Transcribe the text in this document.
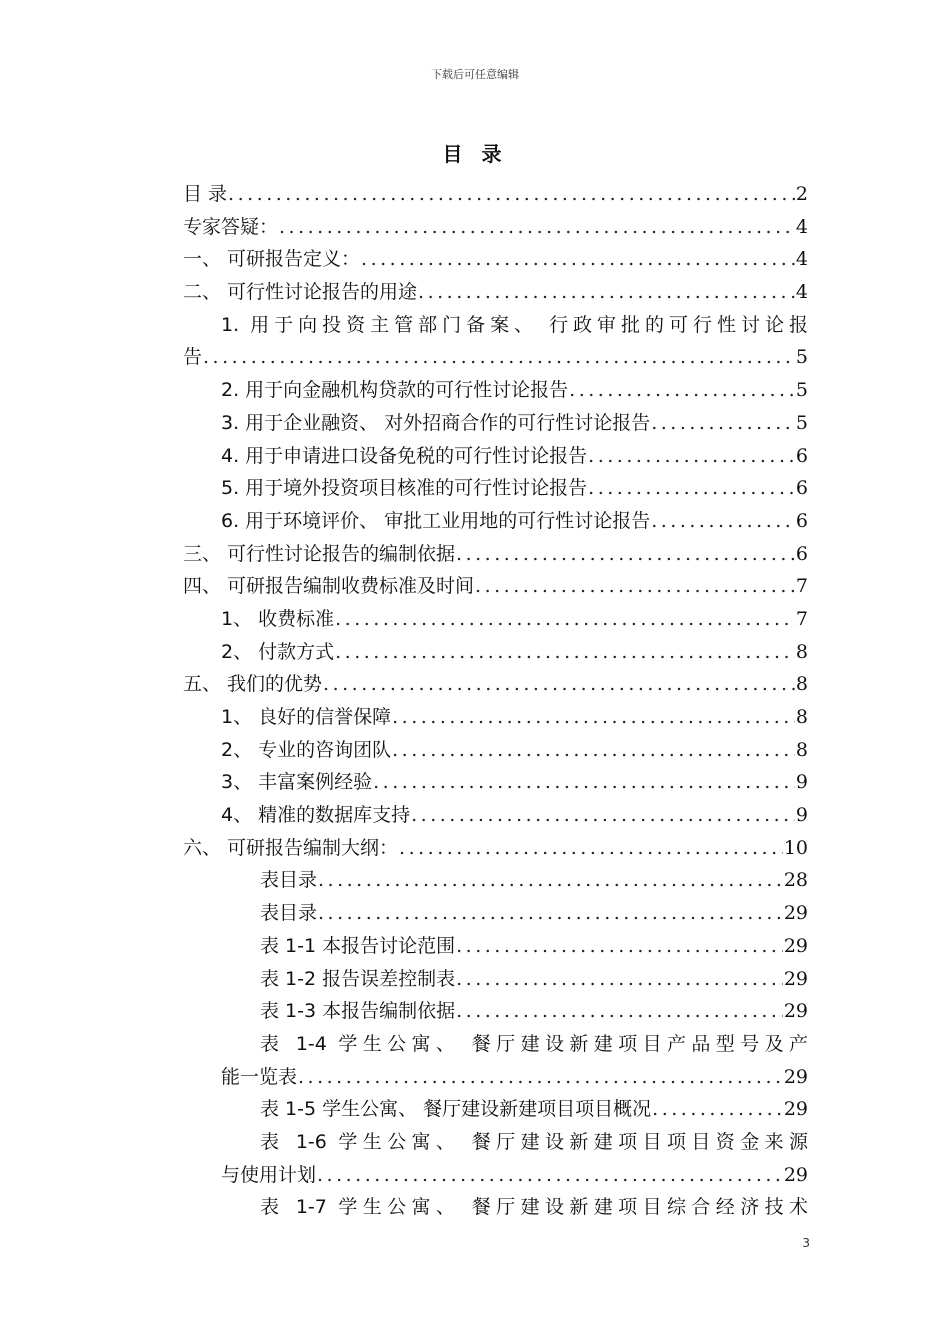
下载后可任意编辑
目 录
目 录 .....	2
专家答疑： .....	4
一、 可研报告定义： .....	4
二、 可行性讨论报告的用途 .....	4
1. 用于向投资主管部门备案、 行政审批的可行性讨论报
告 .....	5
2. 用于向金融机构贷款的可行性讨论报告 .....	5
3. 用于企业融资、 对外招商合作的可行性讨论报告 .....	5
4. 用于申请进口设备免税的可行性讨论报告 .....	6
5. 用于境外投资项目核准的可行性讨论报告 .....	6
6. 用于环境评价、 审批工业用地的可行性讨论报告 .....	6
三、 可行性讨论报告的编制依据 .....	6
四、 可研报告编制收费标准及时间 .....	7
1、 收费标准 .....	7
2、 付款方式 .....	8
五、 我们的优势 .....	8
1、 良好的信誉保障 .....	8
2、 专业的咨询团队 .....	8
3、 丰富案例经验 .....	9
4、 精准的数据库支持 .....	9
六、 可研报告编制大纲： .....	10
表目录 .....	28
表目录 .....	29
表 1-1 本报告讨论范围 .....	29
表 1-2 报告误差控制表 .....	29
表 1-3 本报告编制依据 .....	29
表 1-4 学生公寓、 餐厅建设新建项目产品型号及产
能一览表 .....	29
表 1-5 学生公寓、 餐厅建设新建项目项目概况 .....	29
表 1-6 学生公寓、 餐厅建设新建项目项目资金来源
与使用计划 .....	29
表 1-7 学生公寓、 餐厅建设新建项目综合经济技术
3
